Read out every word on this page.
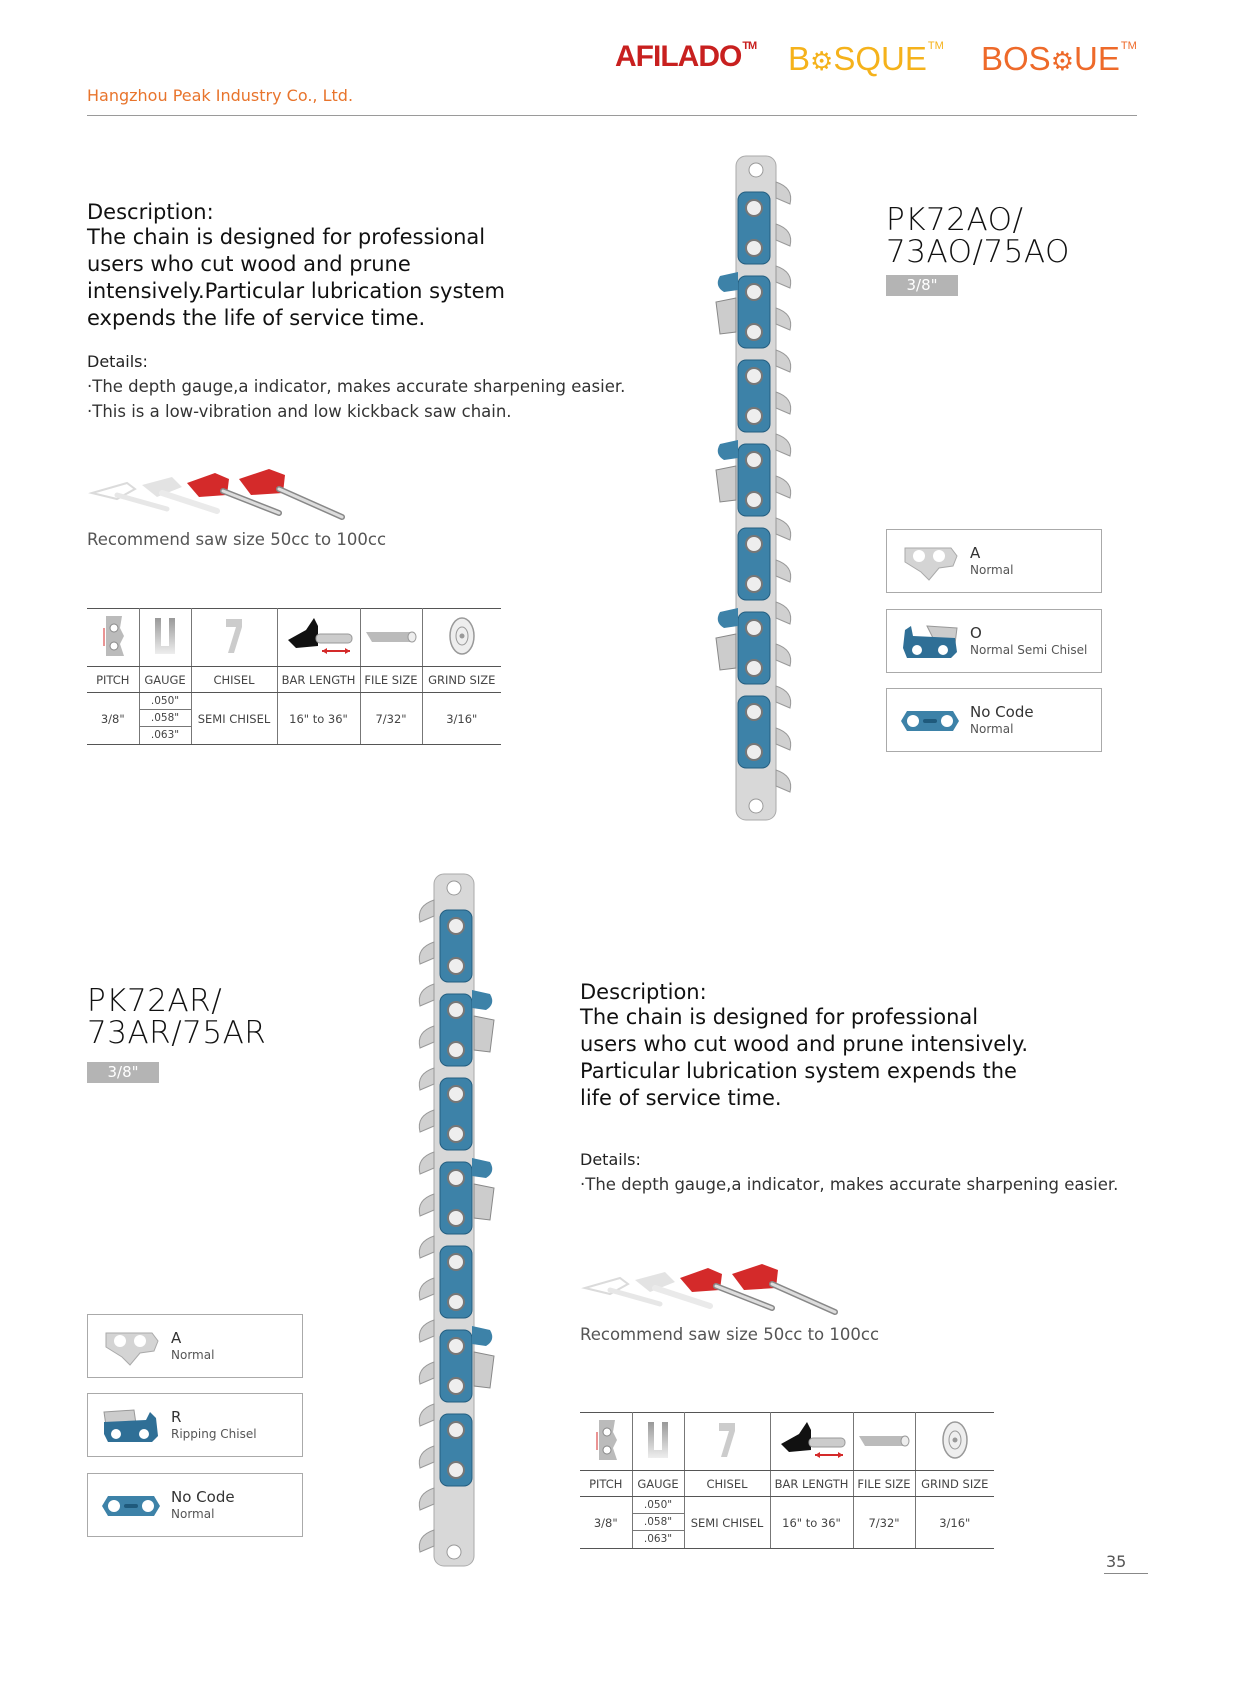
Hangzhou Peak Industry Co., Ltd.
AFILADO™ B⚙SQUE™ BOS⚙UE™
Description:
The chain is designed for professional
users who cut wood and prune
intensively.Particular lubrication system
expends the life of service time.
Details:
·The depth gauge,a indicator, makes accurate sharpening easier.
·This is a low-vibration and low kickback saw chain.
Recommend saw size 50cc to 100cc

PITCH	GAUGE	CHISEL	BAR LENGTH	FILE SIZE	GRIND SIZE
3/8"	.050"
.058"
.063"	SEMI CHISEL	16" to 36"	7/32"	3/16"
PK72AO/
73AO/75AO
3/8"
A
Normal
O
Normal Semi Chisel
No Code
Normal
PK72AR/
73AR/75AR
3/8"
Description:
The chain is designed for professional
users who cut wood and prune intensively.
Particular lubrication system expends the
life of service time.
Details:
·The depth gauge,a indicator, makes accurate sharpening easier.
Recommend saw size 50cc to 100cc

PITCH	GAUGE	CHISEL	BAR LENGTH	FILE SIZE	GRIND SIZE
3/8"	.050"
.058"
.063"	SEMI CHISEL	16" to 36"	7/32"	3/16"
A
Normal
R
Ripping Chisel
No Code
Normal
35
